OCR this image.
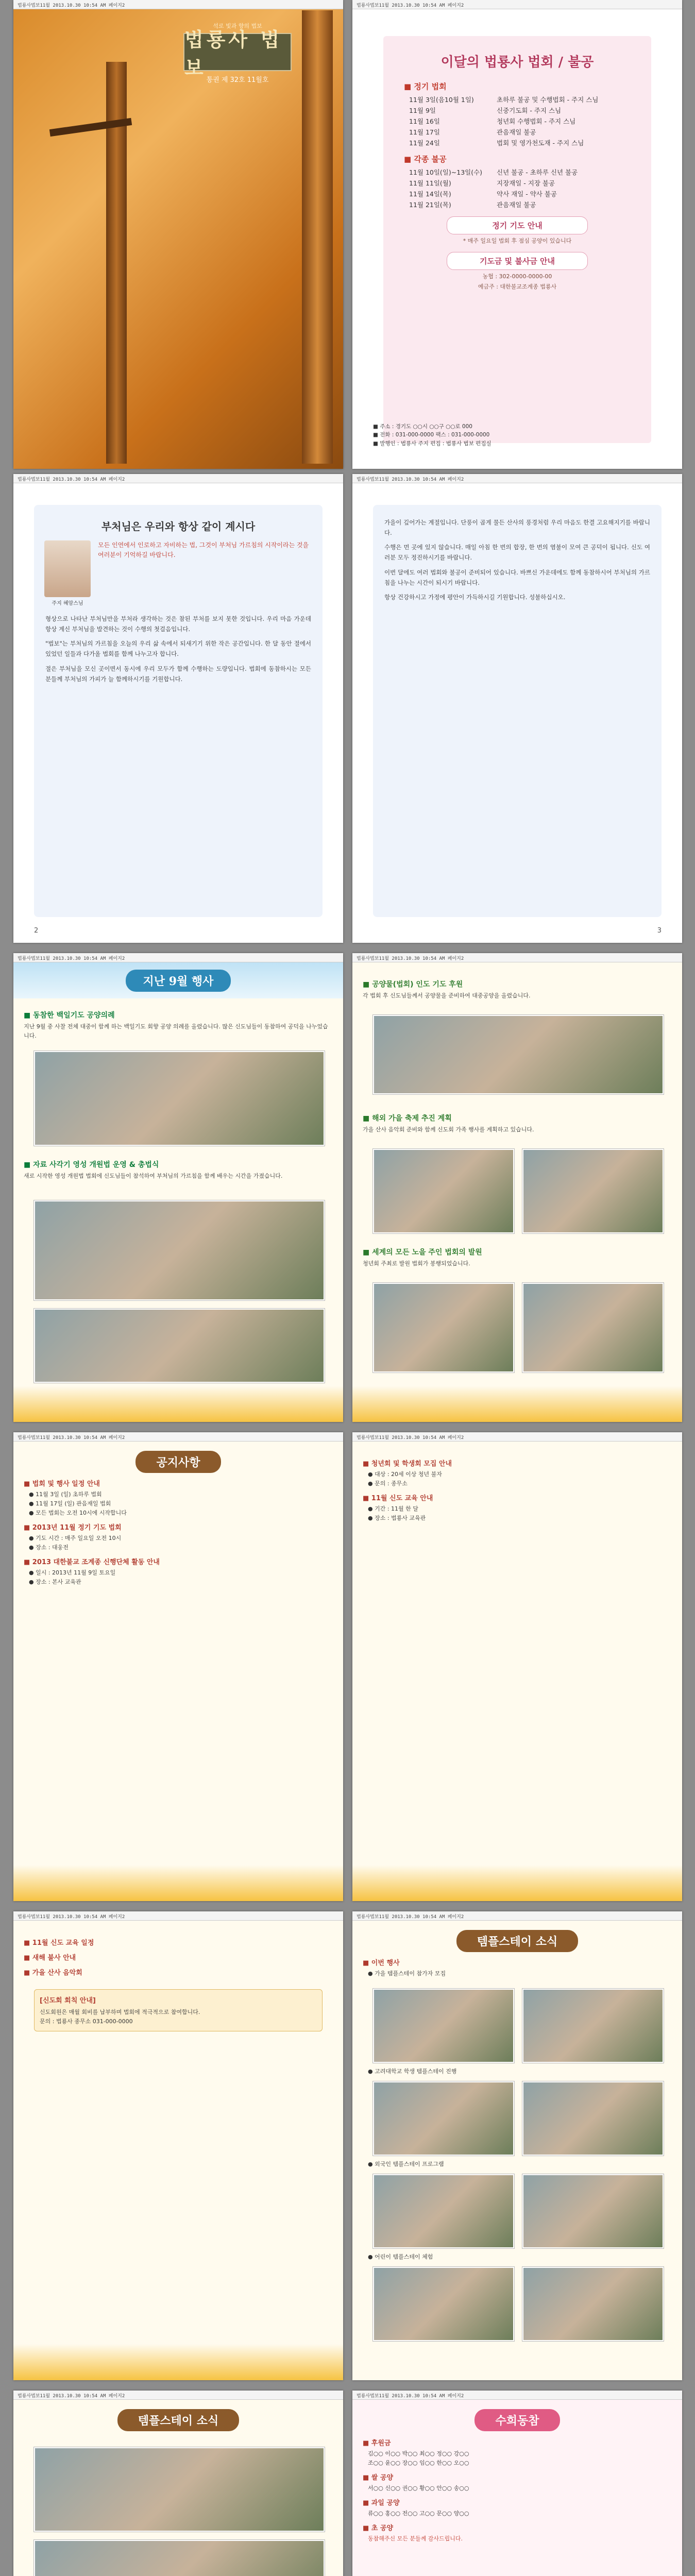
법룡사법보11월 2013.10.30 10:54 AM 페이지2
석로 빛과 향의 법보
법룡사 법보
통권 제 32호 11월호
법룡사법보11월 2013.10.30 10:54 AM 페이지2
이달의 법룡사 법회 / 불공
■ 정기 법회
11월 3일(음10월 1일)	초하루 불공 및 수행법회 - 주지 스님
11월 9일	신중기도회 - 주지 스님
11월 16일	청년회 수행법회 - 주지 스님
11월 17일	관음재일 불공
11월 24일	법회 및 영가천도재 - 주지 스님
■ 각종 불공
11월 10일(일)~13일(수)	신년 불공 - 초하루 신년 불공
11월 11일(월)	지장재일 - 지장 불공
11월 14일(목)	약사 재일 - 약사 불공
11월 21일(목)	관음재일 불공
정기 기도 안내
* 매주 일요일 법회 후 점심 공양이 있습니다
기도금 및 불사금 안내
농협 : 302-0000-0000-00
예금주 : 대한불교조계종 법룡사
■ 주소 : 경기도 ○○시 ○○구 ○○로 000
■ 전화 : 031-000-0000 팩스 : 031-000-0000
■ 발행인 : 법룡사 주지 편집 : 법룡사 법보 편집실
법룡사법보11월 2013.10.30 10:54 AM 페이지2
부처님은 우리와 항상 같이 계시다
주지 혜암스님
모든 인연에서 인로하고 자비하는 법, 그것이 부처님 가르침의 시작이라는 것을 여러분이 기억하길 바랍니다.

형상으로 나타난 부처님만을 부처라 생각하는 것은 참된 부처를 보지 못한 것입니다. 우리 마음 가운데 항상 계신 부처님을 발견하는 것이 수행의 첫걸음입니다.

"법보"는 부처님의 가르침을 오늘의 우리 삶 속에서 되새기기 위한 작은 공간입니다. 한 달 동안 절에서 있었던 일들과 다가올 법회를 함께 나누고자 합니다.

절은 부처님을 모신 곳이면서 동시에 우리 모두가 함께 수행하는 도량입니다. 법회에 동참하시는 모든 분들께 부처님의 가피가 늘 함께하시기를 기원합니다.

2
법룡사법보11월 2013.10.30 10:54 AM 페이지2

가을이 깊어가는 계절입니다. 단풍이 곱게 물든 산사의 풍경처럼 우리 마음도 한결 고요해지기를 바랍니다.

수행은 먼 곳에 있지 않습니다. 매일 아침 한 번의 합장, 한 번의 염불이 모여 큰 공덕이 됩니다. 신도 여러분 모두 정진하시기를 바랍니다.

이번 달에도 여러 법회와 불공이 준비되어 있습니다. 바쁘신 가운데에도 함께 동참하시어 부처님의 가르침을 나누는 시간이 되시기 바랍니다.

항상 건강하시고 가정에 평안이 가득하시길 기원합니다. 성불하십시오.

3
법룡사법보11월 2013.10.30 10:54 AM 페이지2
지난 9월 행사
■ 동참한 백일기도 공양의례
지난 9월 중 사찰 전체 대중이 함께 하는 백일기도 회향 공양 의례를 올렸습니다. 많은 신도님들이 동참하여 공덕을 나누었습니다.
■ 자료 사각기 영성 개원법 운영 & 총법식
새로 시작한 영성 개원법 법회에 신도님들이 참석하여 부처님의 가르침을 함께 배우는 시간을 가졌습니다.
법룡사법보11월 2013.10.30 10:54 AM 페이지2
■ 공양물(법회) 인도 기도 후원
각 법회 후 신도님들께서 공양물을 준비하여 대중공양을 올렸습니다.
■ 해외 가을 축제 추진 계획
가을 산사 음악회 준비와 함께 신도회 가족 행사를 계획하고 있습니다.
■ 세계의 모든 노을 주인 법회의 발원
청년회 주최로 발원 법회가 봉행되었습니다.
법룡사법보11월 2013.10.30 10:54 AM 페이지2
공지사항
■ 법회 및 행사 일정 안내
● 11월 3일 (일) 초하루 법회
● 11월 17일 (일) 관음재일 법회
● 모든 법회는 오전 10시에 시작합니다
■ 2013년 11월 정기 기도 법회
● 기도 시간 : 매주 일요일 오전 10시
● 장소 : 대웅전
■ 2013 대한불교 조계종 신행단체 활동 안내
● 일시 : 2013년 11월 9일 토요일
● 장소 : 본사 교육관
법룡사법보11월 2013.10.30 10:54 AM 페이지2
■ 청년회 및 학생회 모집 안내
● 대상 : 20세 이상 청년 불자
● 문의 : 종무소
■ 11월 신도 교육 안내
● 기간 : 11월 한 달
● 장소 : 법룡사 교육관
법룡사법보11월 2013.10.30 10:54 AM 페이지2
■ 11월 신도 교육 일정
■ 새해 불사 안내
■ 가을 산사 음악회
[신도회 회칙 안내]
신도회원은 매월 회비를 납부하며 법회에 적극적으로 참여합니다.
문의 : 법룡사 종무소 031-000-0000
법룡사법보11월 2013.10.30 10:54 AM 페이지2
템플스테이 소식
■ 이번 행사
● 가을 템플스테이 참가자 모집
● 고려대학교 학생 템플스테이 진행
● 외국인 템플스테이 프로그램
● 어린이 템플스테이 체험
법룡사법보11월 2013.10.30 10:54 AM 페이지2
템플스테이 소식
법룡사법보11월 2013.10.30 10:54 AM 페이지2
수희동참
■ 후원금
김○○ 이○○ 박○○ 최○○ 정○○ 강○○
조○○ 윤○○ 장○○ 임○○ 한○○ 오○○
■ 쌀 공양
서○○ 신○○ 권○○ 황○○ 안○○ 송○○
■ 과일 공양
류○○ 홍○○ 전○○ 고○○ 문○○ 양○○
■ 초 공양
동참해주신 모든 분들께 감사드립니다.
